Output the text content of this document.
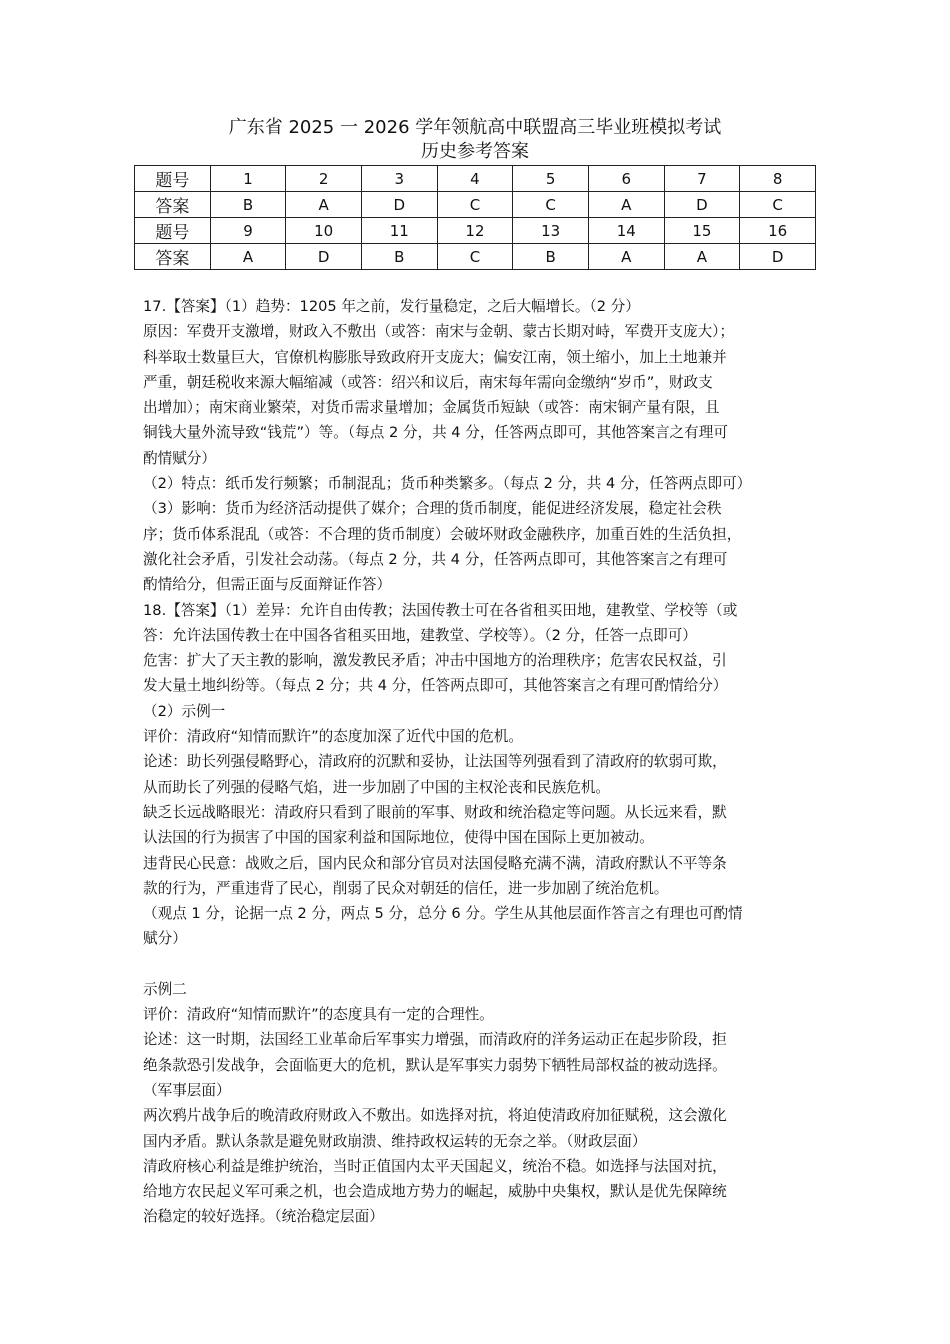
广东省 2025 一 2026 学年领航高中联盟高三毕业班模拟考试
历史参考答案
题号	1	2	3	4	5	6	7	8
答案	B	A	D	C	C	A	D	C
题号	9	10	11	12	13	14	15	16
答案	A	D	B	C	B	A	A	D

17.【答案】（1）趋势：1205 年之前，发行量稳定，之后大幅增长。（2 分）

原因：军费开支激增，财政入不敷出（或答：南宋与金朝、蒙古长期对峙，军费开支庞大）；

科举取士数量巨大，官僚机构膨胀导致政府开支庞大；偏安江南，领土缩小，加上土地兼并

严重，朝廷税收来源大幅缩减（或答：绍兴和议后，南宋每年需向金缴纳“岁币”，财政支

出增加）；南宋商业繁荣，对货币需求量增加；金属货币短缺（或答：南宋铜产量有限，且

铜钱大量外流导致“钱荒”）等。（每点 2 分，共 4 分，任答两点即可，其他答案言之有理可

酌情赋分）

（2）特点：纸币发行频繁；币制混乱；货币种类繁多。（每点 2 分，共 4 分，任答两点即可）

（3）影响：货币为经济活动提供了媒介；合理的货币制度，能促进经济发展，稳定社会秩

序；货币体系混乱（或答：不合理的货币制度）会破坏财政金融秩序，加重百姓的生活负担，

激化社会矛盾，引发社会动荡。（每点 2 分，共 4 分，任答两点即可，其他答案言之有理可

酌情给分，但需正面与反面辩证作答）

18.【答案】（1）差异：允许自由传教；法国传教士可在各省租买田地，建教堂、学校等（或

答：允许法国传教士在中国各省租买田地，建教堂、学校等）。（2 分，任答一点即可）

危害：扩大了天主教的影响，激发教民矛盾；冲击中国地方的治理秩序；危害农民权益，引

发大量土地纠纷等。（每点 2 分；共 4 分，任答两点即可，其他答案言之有理可酌情给分）

（2）示例一

评价：清政府“知情而默许”的态度加深了近代中国的危机。

论述：助长列强侵略野心，清政府的沉默和妥协，让法国等列强看到了清政府的软弱可欺，

从而助长了列强的侵略气焰，进一步加剧了中国的主权沦丧和民族危机。

缺乏长远战略眼光：清政府只看到了眼前的军事、财政和统治稳定等问题。从长远来看，默

认法国的行为损害了中国的国家利益和国际地位，使得中国在国际上更加被动。

违背民心民意：战败之后，国内民众和部分官员对法国侵略充满不满，清政府默认不平等条

款的行为，严重违背了民心，削弱了民众对朝廷的信任，进一步加剧了统治危机。

（观点 1 分，论据一点 2 分，两点 5 分，总分 6 分。学生从其他层面作答言之有理也可酌情

赋分）

示例二

评价：清政府“知情而默许”的态度具有一定的合理性。

论述：这一时期，法国经工业革命后军事实力增强，而清政府的洋务运动正在起步阶段，拒

绝条款恐引发战争，会面临更大的危机，默认是军事实力弱势下牺牲局部权益的被动选择。

（军事层面）

两次鸦片战争后的晚清政府财政入不敷出。如选择对抗，将迫使清政府加征赋税，这会激化

国内矛盾。默认条款是避免财政崩溃、维持政权运转的无奈之举。（财政层面）

清政府核心利益是维护统治，当时正值国内太平天国起义，统治不稳。如选择与法国对抗，

给地方农民起义军可乘之机，也会造成地方势力的崛起，威胁中央集权，默认是优先保障统

治稳定的较好选择。（统治稳定层面）
